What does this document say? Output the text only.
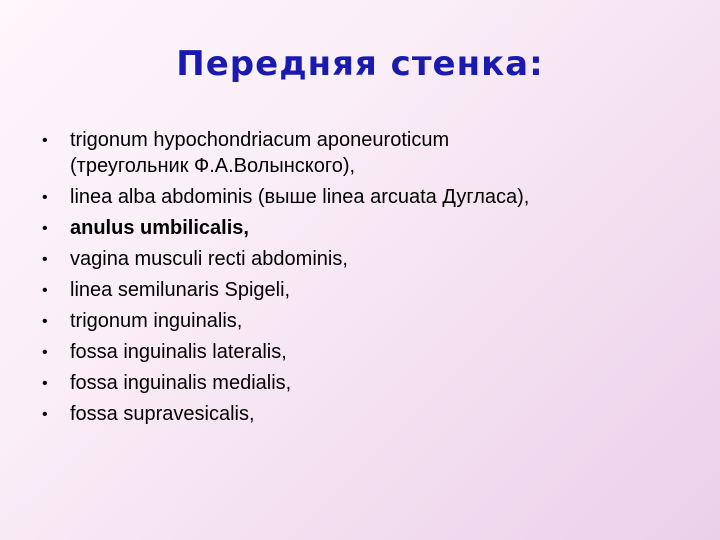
Передняя стенка:
• trigonum hypochondriacum aponeuroticum
(треугольник Ф.А.Волынского),
• linea alba abdominis (выше linea arcuata Дугласа),
• anulus umbilicalis,
• vagina musculi recti abdominis,
• linea semilunaris Spigeli,
• trigonum inguinalis,
• fossa inguinalis lateralis,
• fossa inguinalis medialis,
• fossa supravesicalis,
